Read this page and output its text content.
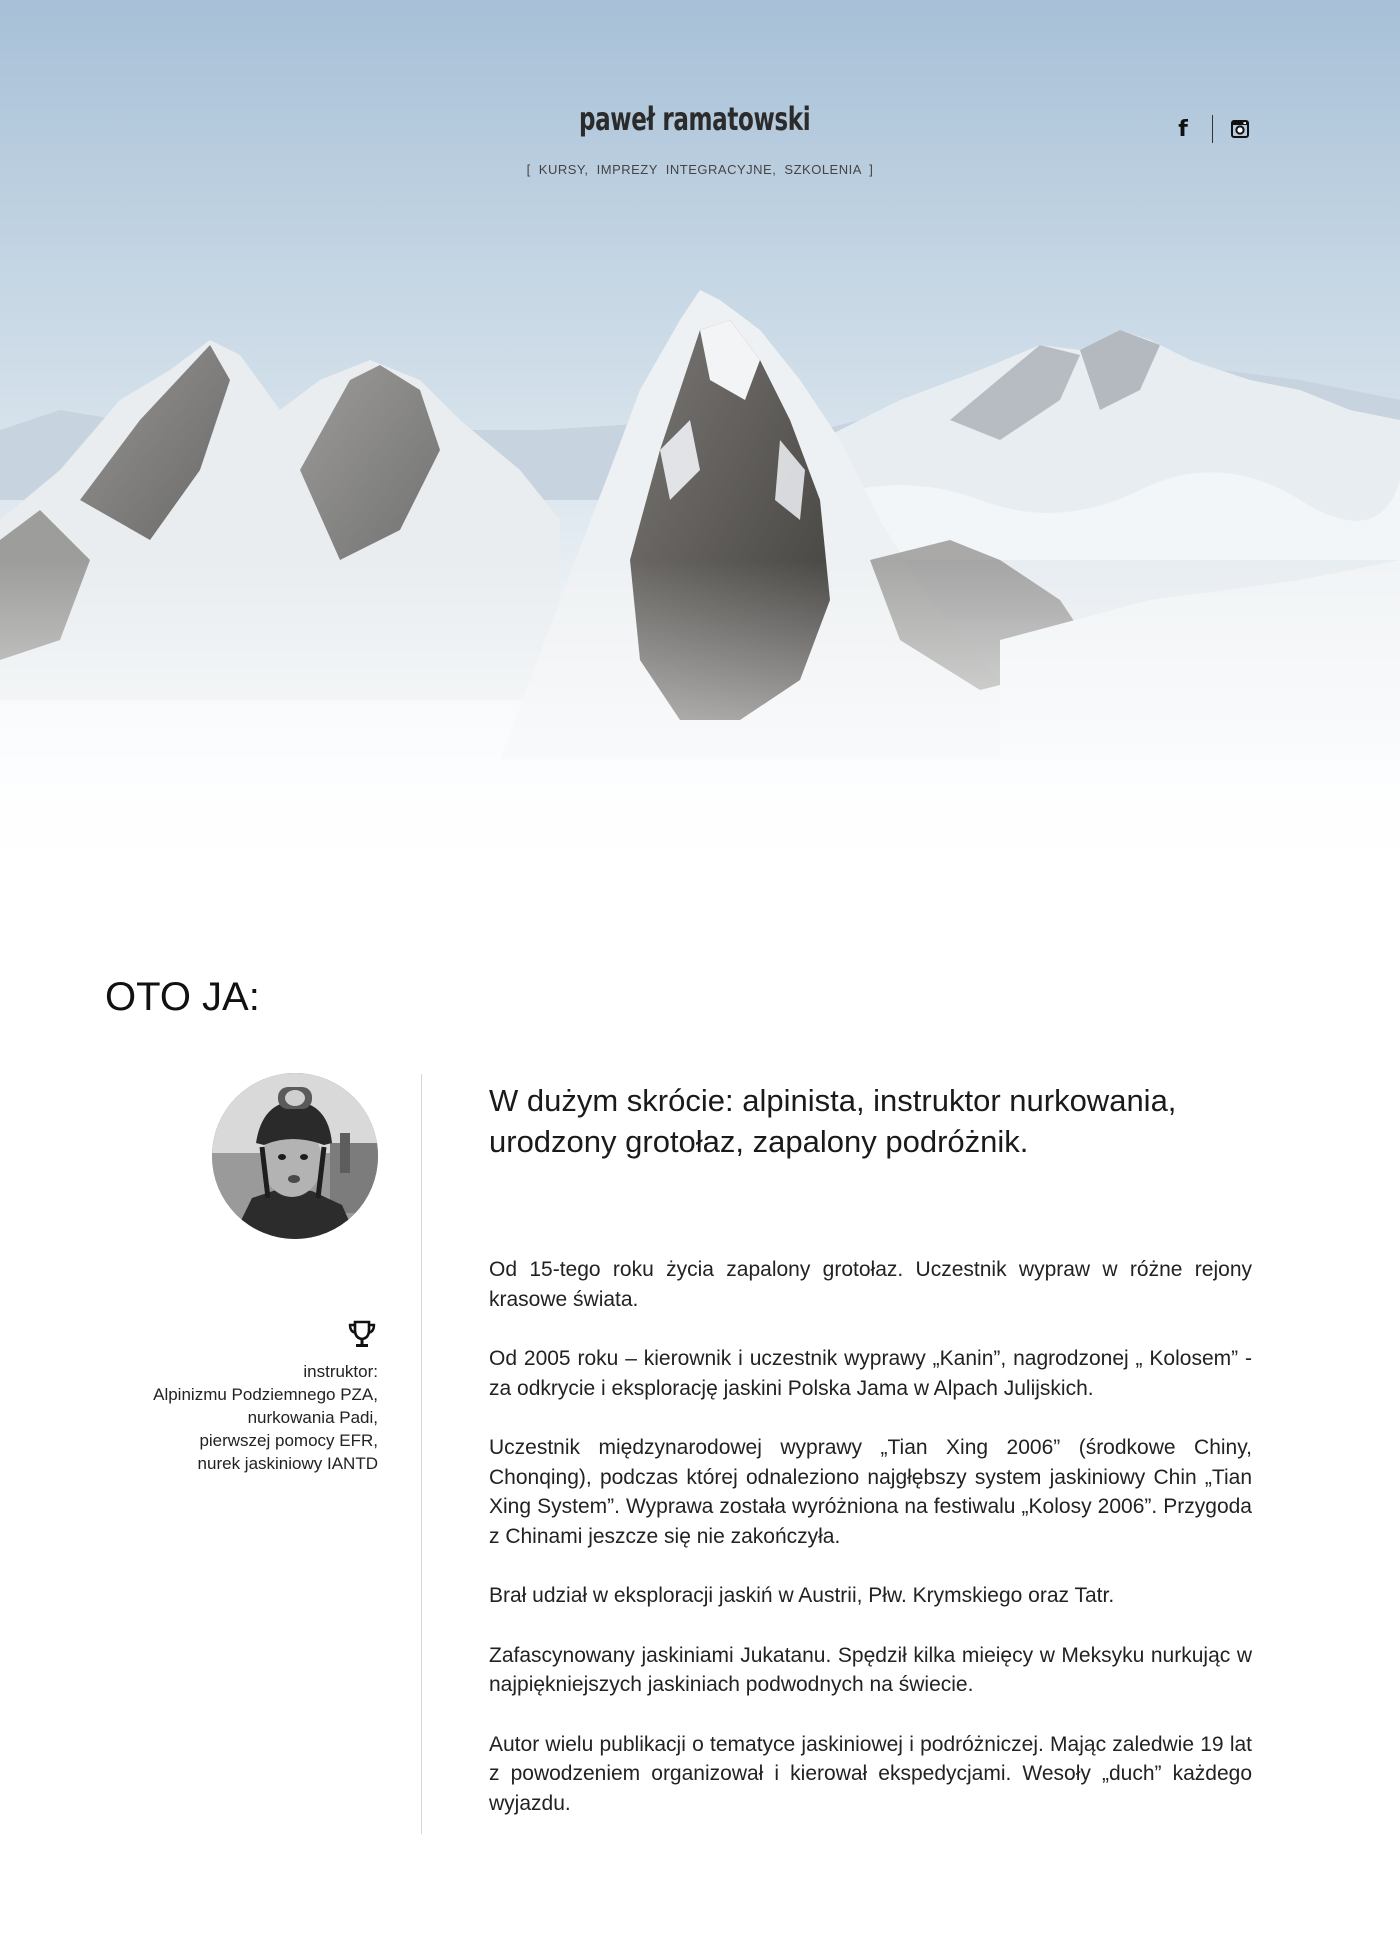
paweł ramatowski
[ KURSY, IMPREZY INTEGRACYJNE, SZKOLENIA ]
f
OTO JA:
instruktor:
Alpinizmu Podziemnego PZA,
nurkowania Padi,
pierwszej pomocy EFR,
nurek jaskiniowy IANTD
W dużym skrócie: alpinista, instruktor nurkowania, urodzony grotołaz, zapalony podróżnik.

Od 15-tego roku życia zapalony grotołaz. Uczestnik wypraw w różne rejony krasowe świata.

Od 2005 roku – kierownik i uczestnik wyprawy „Kanin”, nagrodzonej „ Kolosem” - za odkrycie i eksplorację jaskini Polska Jama w Alpach Julijskich.

Uczestnik międzynarodowej wyprawy „Tian Xing 2006” (środkowe Chiny, Chonqing), podczas której odnaleziono najgłębszy system jaskiniowy Chin „Tian Xing System”. Wyprawa została wyróżniona na festiwalu „Kolosy 2006”. Przygoda z Chinami jeszcze się nie zakończyła.

Brał udział w eksploracji jaskiń w Austrii, Płw. Krymskiego oraz Tatr.

Zafascynowany jaskiniami Jukatanu. Spędził kilka mieięcy w Meksyku nurkując w najpiękniejszych jaskiniach podwodnych na świecie.

Autor wielu publikacji o tematyce jaskiniowej i podróżniczej. Mając zaledwie 19 lat z powodzeniem organizował i kierował ekspedycjami. Wesoły „duch” każdego wyjazdu.
